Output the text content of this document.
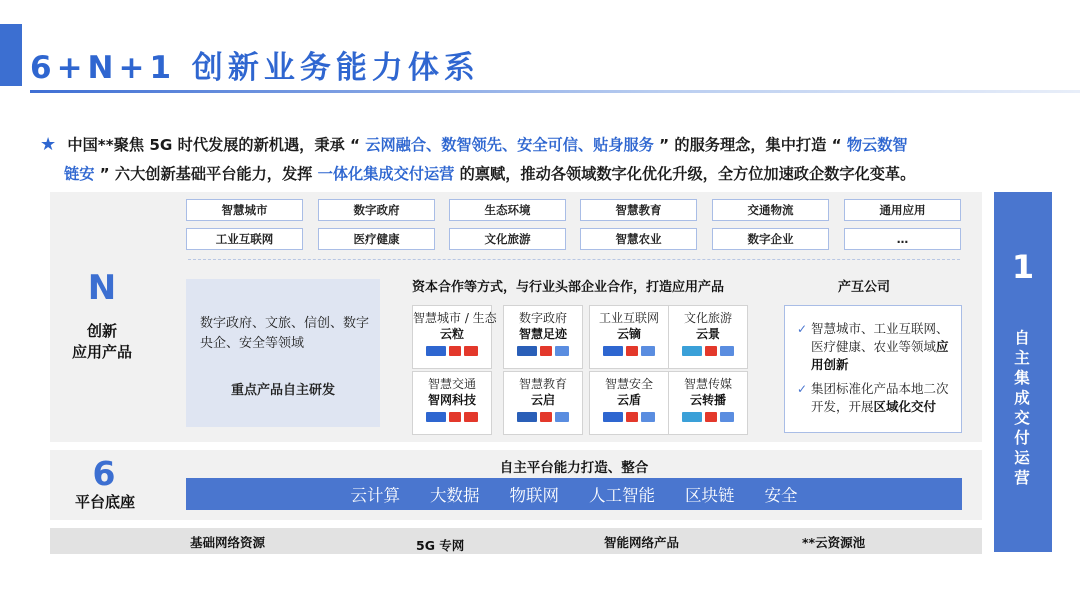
6+N+1 创新业务能力体系
★ 中国**聚焦 5G 时代发展的新机遇，秉承 “ 云网融合、数智领先、安全可信、贴身服务 ” 的服务理念，集中打造 “ 物云数智
链安 ” 六大创新基础平台能力，发挥 一体化集成交付运营 的禀赋，推动各领域数字化优化升级，全方位加速政企数字化变革。
智慧城市	数字政府	生态环境	智慧教育	交通物流	通用应用
工业互联网	医疗健康	文化旅游	智慧农业	数字企业	…
N
创新
应用产品
数字政府、文旅、信创、数字央企、安全等领域
重点产品自主研发
资本合作等方式，与行业头部企业合作，打造应用产品
智慧城市 / 生态
云粒
数字政府
智慧足迹
工业互联网
云镝
文化旅游
云景
智慧交通
智网科技
智慧教育
云启
智慧安全
云盾
智慧传媒
云转播
产互公司
✓ 智慧城市、工业互联网、医疗健康、农业等领域应用创新
✓ 集团标准化产品本地二次开发，开展区域化交付
6
平台底座
自主平台能力打造、整合
云计算 大数据 物联网 人工智能 区块链 安全
基础网络资源	5G 专网	智能网络产品	**云资源池
1
自主集成交付运营
